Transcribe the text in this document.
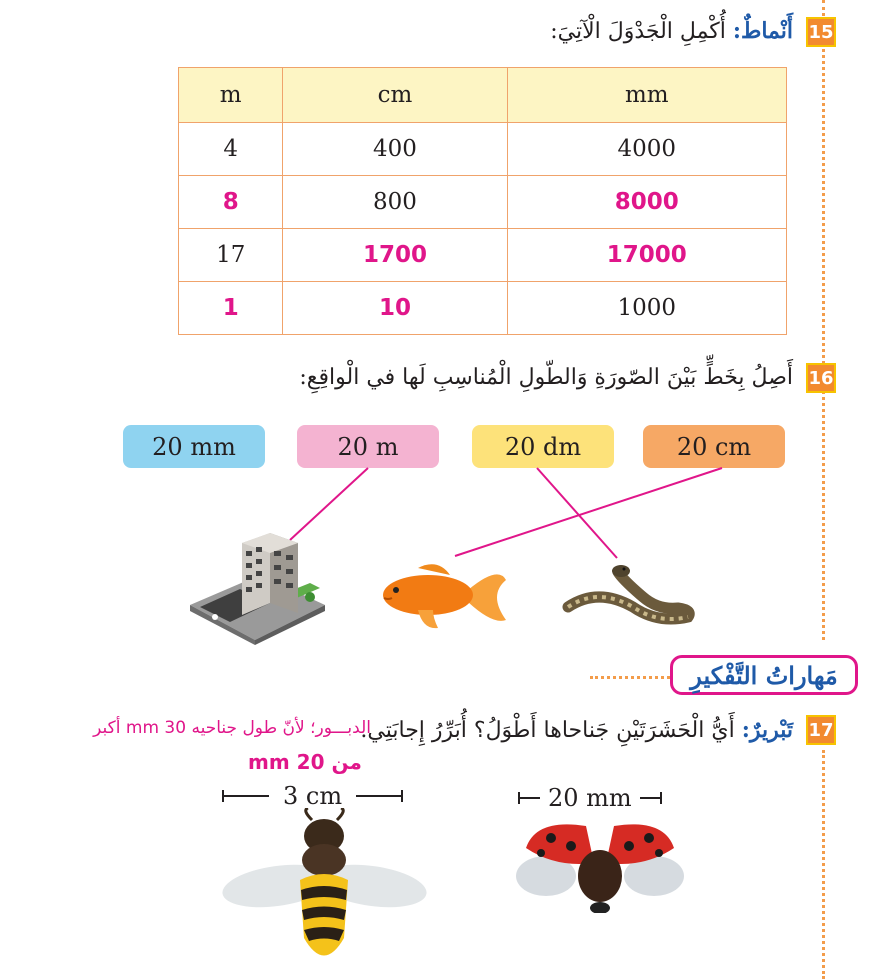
15
أَنْماطٌ: أُكْمِلِ الْجَدْوَلَ الْآتِيَ:
m	cm	mm
4	400	4000
8	800	8000
17	1700	17000
1	10	1000
16
أَصِلُ بِخَطٍّ بَيْنَ الصّورَةِ وَالطّولِ الْمُناسِبِ لَها في الْواقِعِ:
20 mm	20 m	20 dm	20 cm
مَهاراتُ التَّفْكيرِ
17
تَبْريرٌ: أَيُّ الْحَشَرَتَيْنِ جَناحاها أَطْوَلُ؟ أُبَرِّرُ إِجابَتِي.
الدبـــور؛ لأنّ طول جناحيه 30 mm أكبر
من 20 mm
3 cm	20 mm
